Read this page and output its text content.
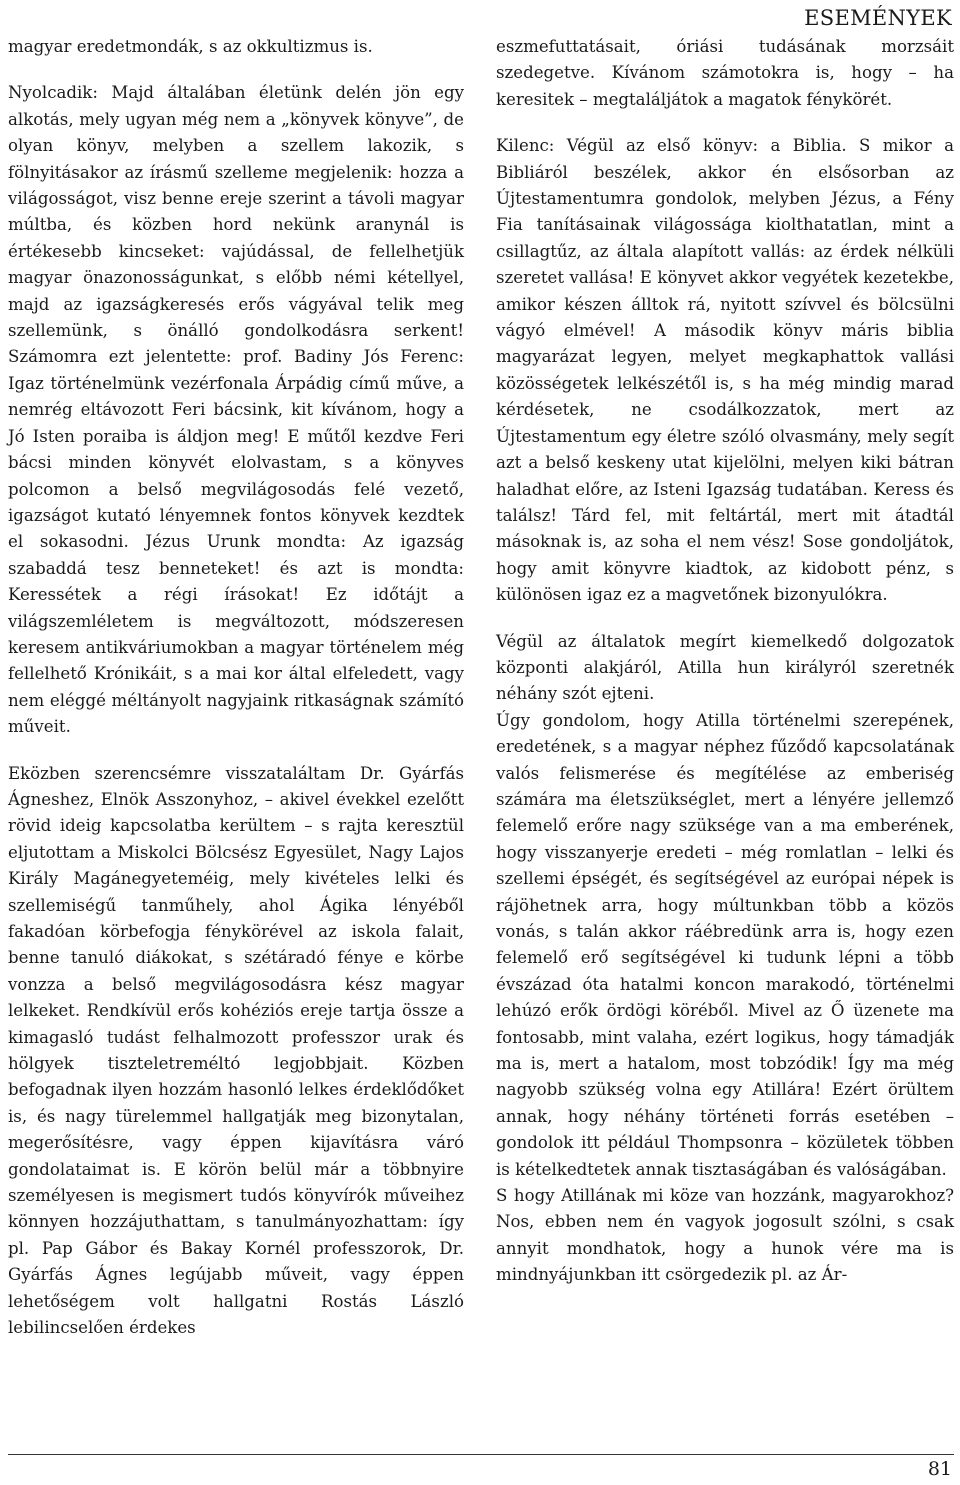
ESEMÉNYEK

magyar eredetmondák, s az okkultizmus is.

Nyolcadik: Majd általában életünk delén jön egy alkotás, mely ugyan még nem a „könyvek könyve”, de olyan könyv, melyben a szellem lakozik, s fölnyitásakor az írásmű szelleme megjelenik: hozza a világosságot, visz benne ereje szerint a távoli magyar múltba, és közben hord nekünk aranynál is értékesebb kincseket: vajúdással, de fellelhetjük magyar önazonosságunkat, s előbb némi kétellyel, majd az igazságkeresés erős vágyával telik meg szellemünk, s önálló gondolkodásra serkent! Számomra ezt jelentette: prof. Badiny Jós Ferenc: Igaz történelmünk vezérfonala Árpádig című műve, a nemrég eltávozott Feri bácsink, kit kívánom, hogy a Jó Isten poraiba is áldjon meg! E műtől kezdve Feri bácsi minden könyvét elolvastam, s a könyves polcomon a belső megvilágosodás felé vezető, igazságot kutató lényemnek fontos könyvek kezdtek el sokasodni. Jézus Urunk mondta: Az igazság szabaddá tesz benneteket! és azt is mondta: Keressétek a régi írásokat! Ez időtájt a világszemléletem is megváltozott, módszeresen keresem antikváriumokban a magyar történelem még fellelhető Krónikáit, s a mai kor által elfeledett, vagy nem eléggé méltányolt nagyjaink ritkaságnak számító műveit.

Eközben szerencsémre visszataláltam Dr. Gyárfás Ágneshez, Elnök Asszonyhoz, – akivel évekkel ezelőtt rövid ideig kapcsolatba kerültem – s rajta keresztül eljutottam a Miskolci Bölcsész Egyesület, Nagy Lajos Király Magánegyeteméig, mely kivételes lelki és szellemiségű tanműhely, ahol Ágika lényéből fakadóan körbefogja fénykörével az iskola falait, benne tanuló diákokat, s szétáradó fénye e körbe vonzza a belső megvilágosodásra kész magyar lelkeket. Rendkívül erős kohéziós ereje tartja össze a kimagasló tudást felhalmozott professzor urak és hölgyek tiszteletreméltó legjobbjait. Közben befogadnak ilyen hozzám hasonló lelkes érdeklődőket is, és nagy türelemmel hallgatják meg bizonytalan, megerősítésre, vagy éppen kijavításra váró gondolataimat is. E körön belül már a többnyire személyesen is megismert tudós könyvírók műveihez könnyen hozzájuthattam, s tanulmányozhattam: így pl. Pap Gábor és Bakay Kornél professzorok, Dr. Gyárfás Ágnes legújabb műveit, vagy éppen lehetőségem volt hallgatni Rostás László lebilincselően érdekes

eszmefuttatásait, óriási tudásának morzsáit szedegetve. Kívánom számotokra is, hogy – ha keresitek – megtaláljátok a magatok fénykörét.

Kilenc: Végül az első könyv: a Biblia. S mikor a Bibliáról beszélek, akkor én elsősorban az Újtestamentumra gondolok, melyben Jézus, a Fény Fia tanításainak világossága kiolthatatlan, mint a csillagtűz, az általa alapított vallás: az érdek nélküli szeretet vallása! E könyvet akkor vegyétek kezetekbe, amikor készen álltok rá, nyitott szívvel és bölcsülni vágyó elmével! A második könyv máris biblia magyarázat legyen, melyet megkaphattok vallási közösségetek lelkészétől is, s ha még mindig marad kérdésetek, ne csodálkozzatok, mert az Újtestamentum egy életre szóló olvasmány, mely segít azt a belső keskeny utat kijelölni, melyen kiki bátran haladhat előre, az Isteni Igazság tudatában. Keress és találsz! Tárd fel, mit feltártál, mert mit átadtál másoknak is, az soha el nem vész! Sose gondoljátok, hogy amit könyvre kiadtok, az kidobott pénz, s különösen igaz ez a magvetőnek bizonyulókra.

Végül az általatok megírt kiemelkedő dolgozatok központi alakjáról, Atilla hun királyról szeretnék néhány szót ejteni.

Úgy gondolom, hogy Atilla történelmi szerepének, eredetének, s a magyar néphez fűződő kapcsolatának valós felismerése és megítélése az emberiség számára ma életszükséglet, mert a lényére jellemző felemelő erőre nagy szüksége van a ma emberének, hogy visszanyerje eredeti – még romlatlan – lelki és szellemi épségét, és segítségével az európai népek is rájöhetnek arra, hogy múltunkban több a közös vonás, s talán akkor ráébredünk arra is, hogy ezen felemelő erő segítségével ki tudunk lépni a több évszázad óta hatalmi koncon marakodó, történelmi lehúzó erők ördögi köréből. Mivel az Ő üzenete ma fontosabb, mint valaha, ezért logikus, hogy támadják ma is, mert a hatalom, most tobzódik! Így ma még nagyobb szükség volna egy Atillára! Ezért örültem annak, hogy néhány történeti forrás esetében – gondolok itt például Thompsonra – közületek többen is kételkedtetek annak tisztaságában és valóságában.

S hogy Atillának mi köze van hozzánk, magyarokhoz? Nos, ebben nem én vagyok jogosult szólni, s csak annyit mondhatok, hogy a hunok vére ma is mindnyájunkban itt csörgedezik pl. az Ár-

81
